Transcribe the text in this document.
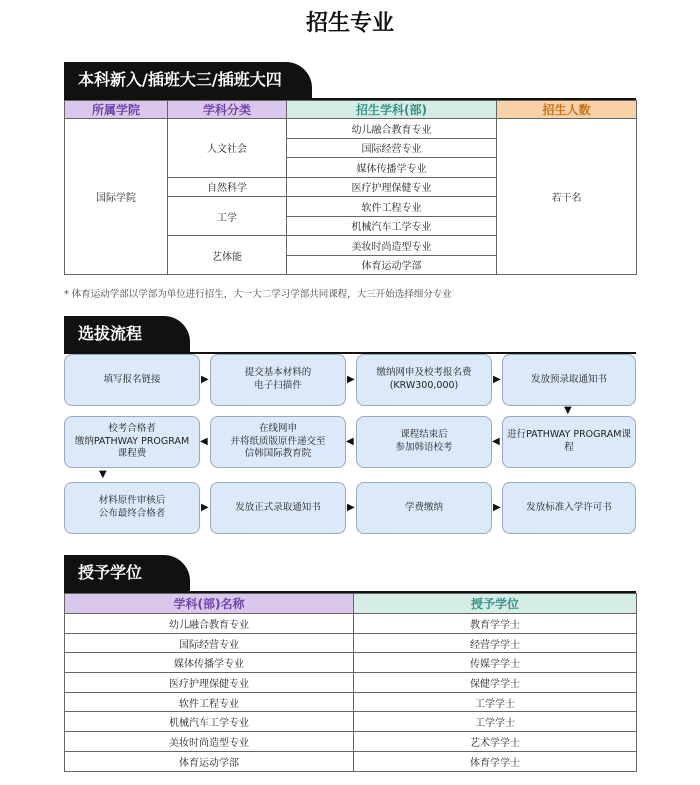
招生专业
本科新入/插班大三/插班大四
所属学院	学科分类	招生学科(部)	招生人数
国际学院	人文社会	幼儿融合教育专业	若干名
		国际经营专业	
		媒体传播学专业	
	自然科学	医疗护理保健专业	
	工学	软件工程专业	
		机械汽车工学专业	
	艺体能	美妆时尚造型专业	
		体育运动学部	
* 体育运动学部以学部为单位进行招生，大一大二学习学部共同课程，大三开始选择细分专业
选拔流程
填写报名链接
提交基本材料的
电子扫描件
缴纳网申及校考报名费
(KRW300,000)
发放预录取通知书
▶	▶	▶
▼
校考合格者
缴纳PATHWAY PROGRAM
课程费
在线网申
并将纸质版原件递交至
信韩国际教育院
课程结束后
参加韩语校考
进行PATHWAY PROGRAM课程
◀	◀	◀
▼
材料原件审核后
公布最终合格者
发放正式录取通知书	学费缴纳	发放标准入学许可书
▶	▶	▶
授予学位
学科(部)名称	授予学位
幼儿融合教育专业	教育学学士
国际经营专业	经营学学士
媒体传播学专业	传媒学学士
医疗护理保健专业	保健学学士
软件工程专业	工学学士
机械汽车工学专业	工学学士
美妆时尚造型专业	艺术学学士
体育运动学部	体育学学士
